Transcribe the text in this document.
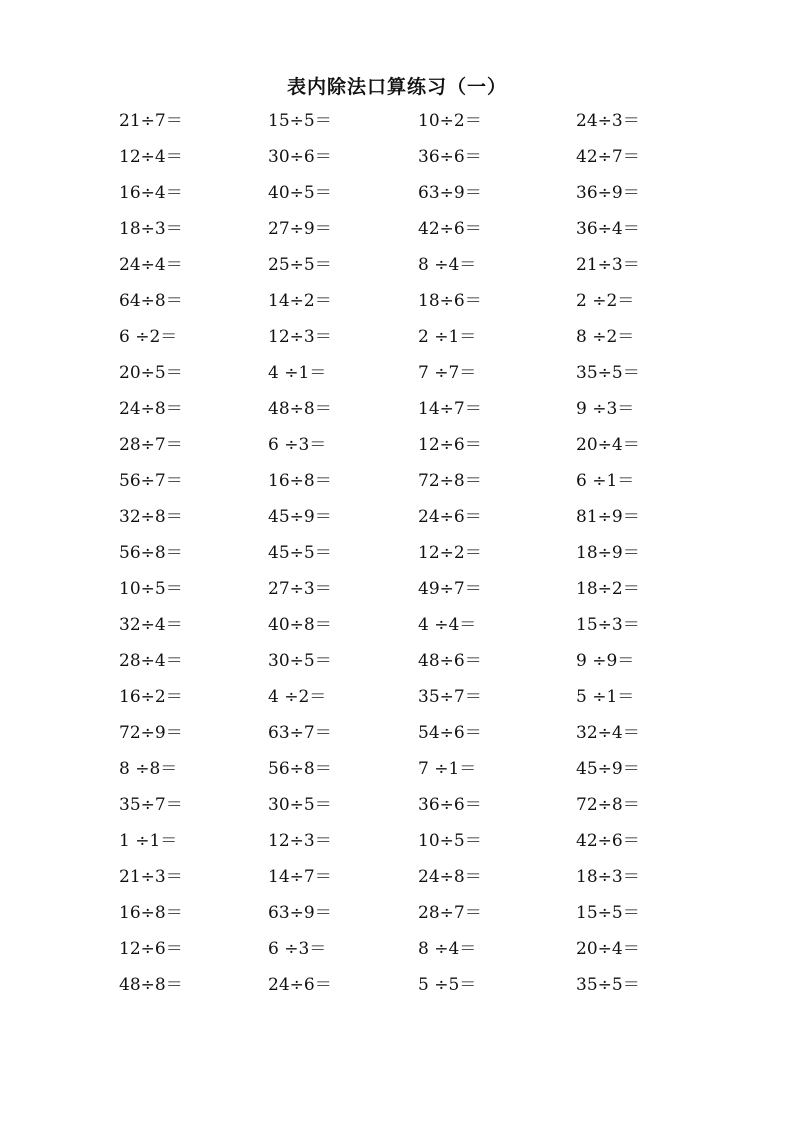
表内除法口算练习（一）
21÷7＝	15÷5＝	10÷2＝	24÷3＝
12÷4＝	30÷6＝	36÷6＝	42÷7＝
16÷4＝	40÷5＝	63÷9＝	36÷9＝
18÷3＝	27÷9＝	42÷6＝	36÷4＝
24÷4＝	25÷5＝	8 ÷4＝	21÷3＝
64÷8＝	14÷2＝	18÷6＝	2 ÷2＝
6 ÷2＝	12÷3＝	2 ÷1＝	8 ÷2＝
20÷5＝	4 ÷1＝	7 ÷7＝	35÷5＝
24÷8＝	48÷8＝	14÷7＝	9 ÷3＝
28÷7＝	6 ÷3＝	12÷6＝	20÷4＝
56÷7＝	16÷8＝	72÷8＝	6 ÷1＝
32÷8＝	45÷9＝	24÷6＝	81÷9＝
56÷8＝	45÷5＝	12÷2＝	18÷9＝
10÷5＝	27÷3＝	49÷7＝	18÷2＝
32÷4＝	40÷8＝	4 ÷4＝	15÷3＝
28÷4＝	30÷5＝	48÷6＝	9 ÷9＝
16÷2＝	4 ÷2＝	35÷7＝	5 ÷1＝
72÷9＝	63÷7＝	54÷6＝	32÷4＝
8 ÷8＝	56÷8＝	7 ÷1＝	45÷9＝
35÷7＝	30÷5＝	36÷6＝	72÷8＝
1 ÷1＝	12÷3＝	10÷5＝	42÷6＝
21÷3＝	14÷7＝	24÷8＝	18÷3＝
16÷8＝	63÷9＝	28÷7＝	15÷5＝
12÷6＝	6 ÷3＝	8 ÷4＝	20÷4＝
48÷8＝	24÷6＝	5 ÷5＝	35÷5＝
